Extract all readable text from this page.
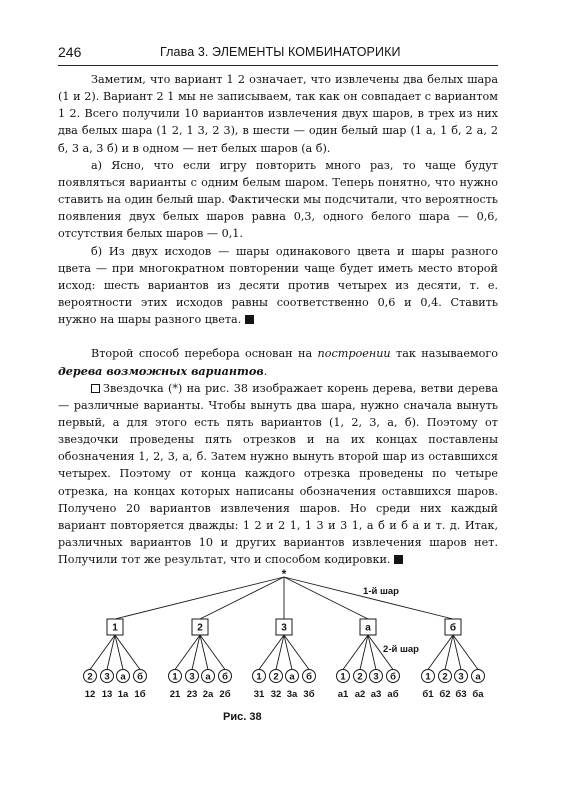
246	Глава 3. ЭЛЕМЕНТЫ КОМБИНАТОРИКИ

Заметим, что вариант 1 2 означает, что извлечены два белых шара (1 и 2). Вариант 2 1 мы не записываем, так как он совпадает с вариантом 1 2. Всего получили 10 вариантов извлечения двух шаров, в трех из них два белых шара (1 2, 1 3, 2 3), в шести — один белый шар (1 а, 1 б, 2 а, 2 б, 3 а, 3 б) и в одном — нет белых шаров (а б).

а) Ясно, что если игру повторить много раз, то чаще будут появляться варианты с одним белым шаром. Теперь понятно, что нужно ставить на один белый шар. Фактически мы подсчитали, что вероятность появления двух белых шаров равна 0,3, одного белого шара — 0,6, отсутствия белых шаров — 0,1.

б) Из двух исходов — шары одинакового цвета и шары разного цвета — при многократном повторении чаще будет иметь место второй исход: шесть вариантов из десяти против четырех из десяти, т. е. вероятности этих исходов равны соответственно 0,6 и 0,4. Ставить нужно на шары разного цвета.

Второй способ перебора основан на построении так называемого дерева возможных вариантов.

Звездочка (*) на рис. 38 изображает корень дерева, ветви дерева — различные варианты. Чтобы вынуть два шара, нужно сначала вынуть первый, а для этого есть пять вариантов (1, 2, 3, а, б). Поэтому от звездочки проведены пять отрезков и на их концах поставлены обозначения 1, 2, 3, а, б. Затем нужно вынуть второй шар из оставшихся четырех. Поэтому от конца каждого отрезка проведены по четыре отрезка, на концах которых написаны обозначения оставшихся шаров. Получено 20 вариантов извлечения шаров. Но среди них каждый вариант повторяется дважды: 1 2 и 2 1, 1 3 и 3 1, а б и б а и т. д. Итак, различных вариантов 10 и других вариантов извлечения шаров нет. Получили тот же результат, что и способом кодировки.

*
1-й шар
2-й шар
1
2
12
3
13
а
1а
б
1б
2
1
21
3
23
а
2а
б
2б
3
1
31
2
32
а
3а
б
3б
а
1
а1
2
а2
3
а3
б
аб
б
1
б1
2
б2
3
б3
а
ба
Рис. 38
